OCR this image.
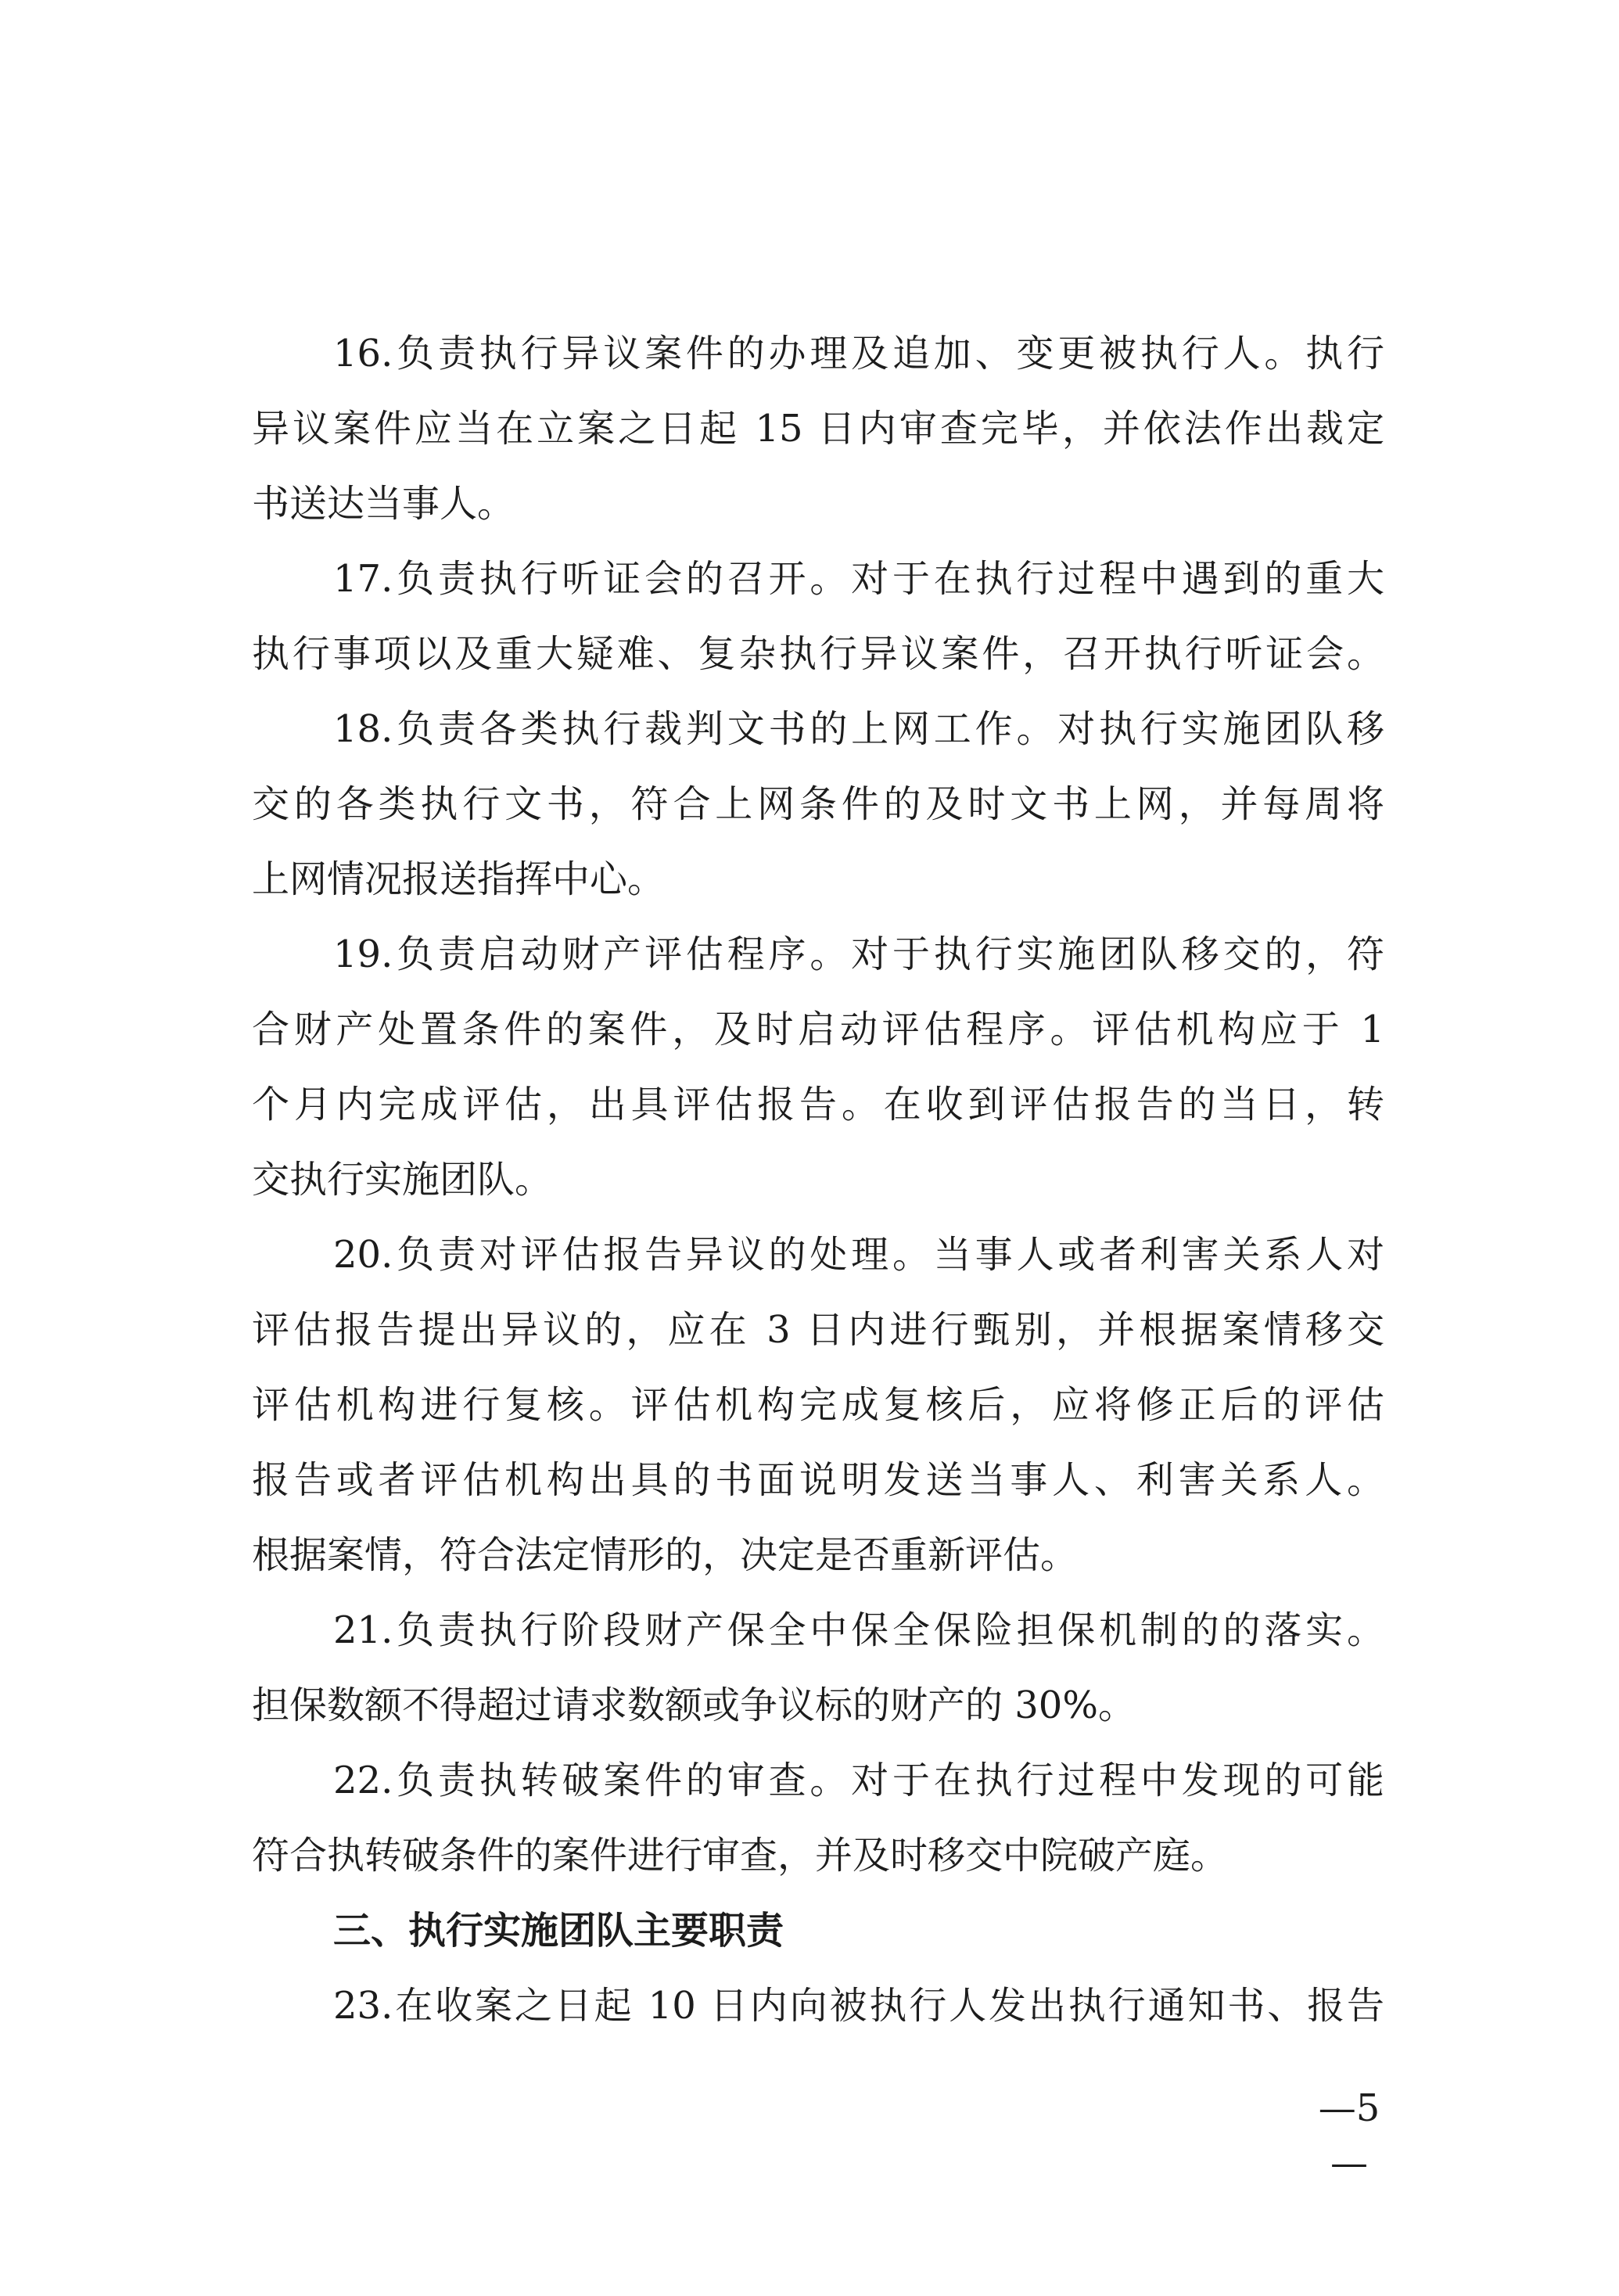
16.负责执行异议案件的办理及追加、变更被执行人。执行
异议案件应当在立案之日起 15 日内审查完毕，并依法作出裁定
书送达当事人。
17.负责执行听证会的召开。对于在执行过程中遇到的重大
执行事项以及重大疑难、复杂执行异议案件，召开执行听证会。
18.负责各类执行裁判文书的上网工作。对执行实施团队移
交的各类执行文书，符合上网条件的及时文书上网，并每周将
上网情况报送指挥中心。
19.负责启动财产评估程序。对于执行实施团队移交的，符
合财产处置条件的案件，及时启动评估程序。评估机构应于 1
个月内完成评估，出具评估报告。在收到评估报告的当日，转
交执行实施团队。
20.负责对评估报告异议的处理。当事人或者利害关系人对
评估报告提出异议的，应在 3 日内进行甄别，并根据案情移交
评估机构进行复核。评估机构完成复核后，应将修正后的评估
报告或者评估机构出具的书面说明发送当事人、利害关系人。
根据案情，符合法定情形的，决定是否重新评估。
21.负责执行阶段财产保全中保全保险担保机制的的落实。
担保数额不得超过请求数额或争议标的财产的 30%。
22.负责执转破案件的审查。对于在执行过程中发现的可能
符合执转破条件的案件进行审查，并及时移交中院破产庭。
三、执行实施团队主要职责
23.在收案之日起 10 日内向被执行人发出执行通知书、报告
—5—
